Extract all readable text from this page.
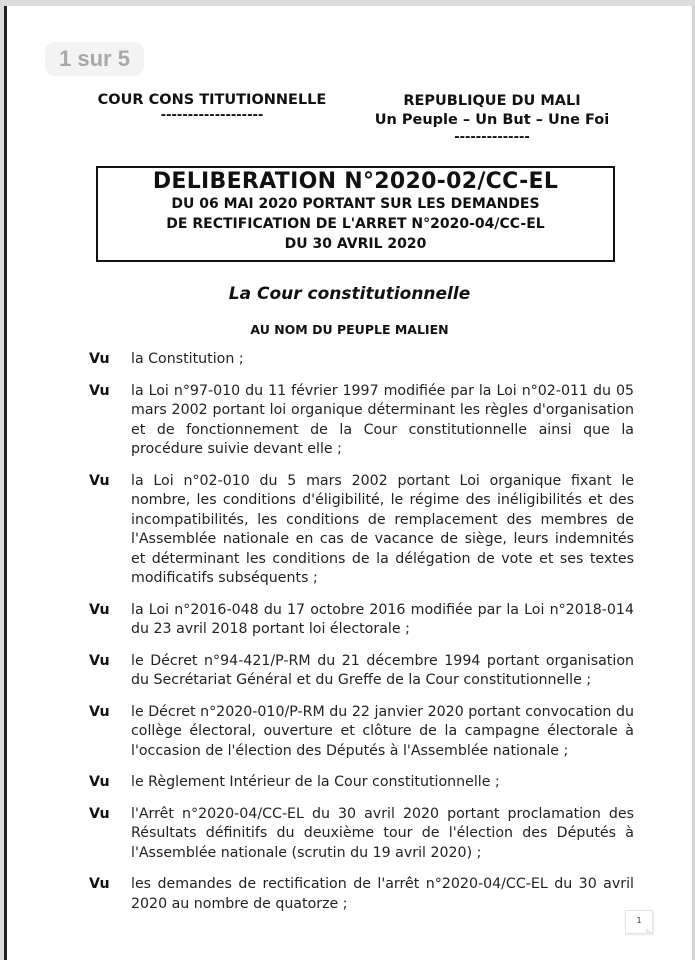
1 sur 5
COUR CONS TITUTIONNELLE
-------------------
REPUBLIQUE DU MALI
Un Peuple – Un But – Une Foi
--------------
DELIBERATION N°2020-02/CC-EL
DU 06 MAI 2020 PORTANT SUR LES DEMANDES
DE RECTIFICATION DE L'ARRET N°2020-04/CC-EL
DU 30 AVRIL 2020
La Cour constitutionnelle
AU NOM DU PEUPLE MALIEN
Vu	la Constitution ;
Vu	la Loi n°97-010 du 11 février 1997 modifiée par la Loi n°02-011 du 05 mars 2002 portant loi organique déterminant les règles d'organisation et de fonctionnement de la Cour constitutionnelle ainsi que la procédure suivie devant elle ;
Vu	la Loi n°02-010 du 5 mars 2002 portant Loi organique fixant le nombre, les conditions d'éligibilité, le régime des inéligibilités et des incompatibilités, les conditions de remplacement des membres de l'Assemblée nationale en cas de vacance de siège, leurs indemnités et déterminant les conditions de la délégation de vote et ses textes modificatifs subséquents ;
Vu	la Loi n°2016-048 du 17 octobre 2016 modifiée par la Loi n°2018-014 du 23 avril 2018 portant loi électorale ;
Vu	le Décret n°94-421/P-RM du 21 décembre 1994 portant organisation du Secrétariat Général et du Greffe de la Cour constitutionnelle ;
Vu	le Décret n°2020-010/P-RM du 22 janvier 2020 portant convocation du collège électoral, ouverture et clôture de la campagne électorale à l'occasion de l'élection des Députés à l'Assemblée nationale ;
Vu	le Règlement Intérieur de la Cour constitutionnelle ;
Vu	l'Arrêt n°2020-04/CC-EL du 30 avril 2020 portant proclamation des Résultats définitifs du deuxième tour de l'élection des Députés à l'Assemblée nationale (scrutin du 19 avril 2020) ;
Vu	les demandes de rectification de l'arrêt n°2020-04/CC-EL du 30 avril 2020 au nombre de quatorze ;
1
